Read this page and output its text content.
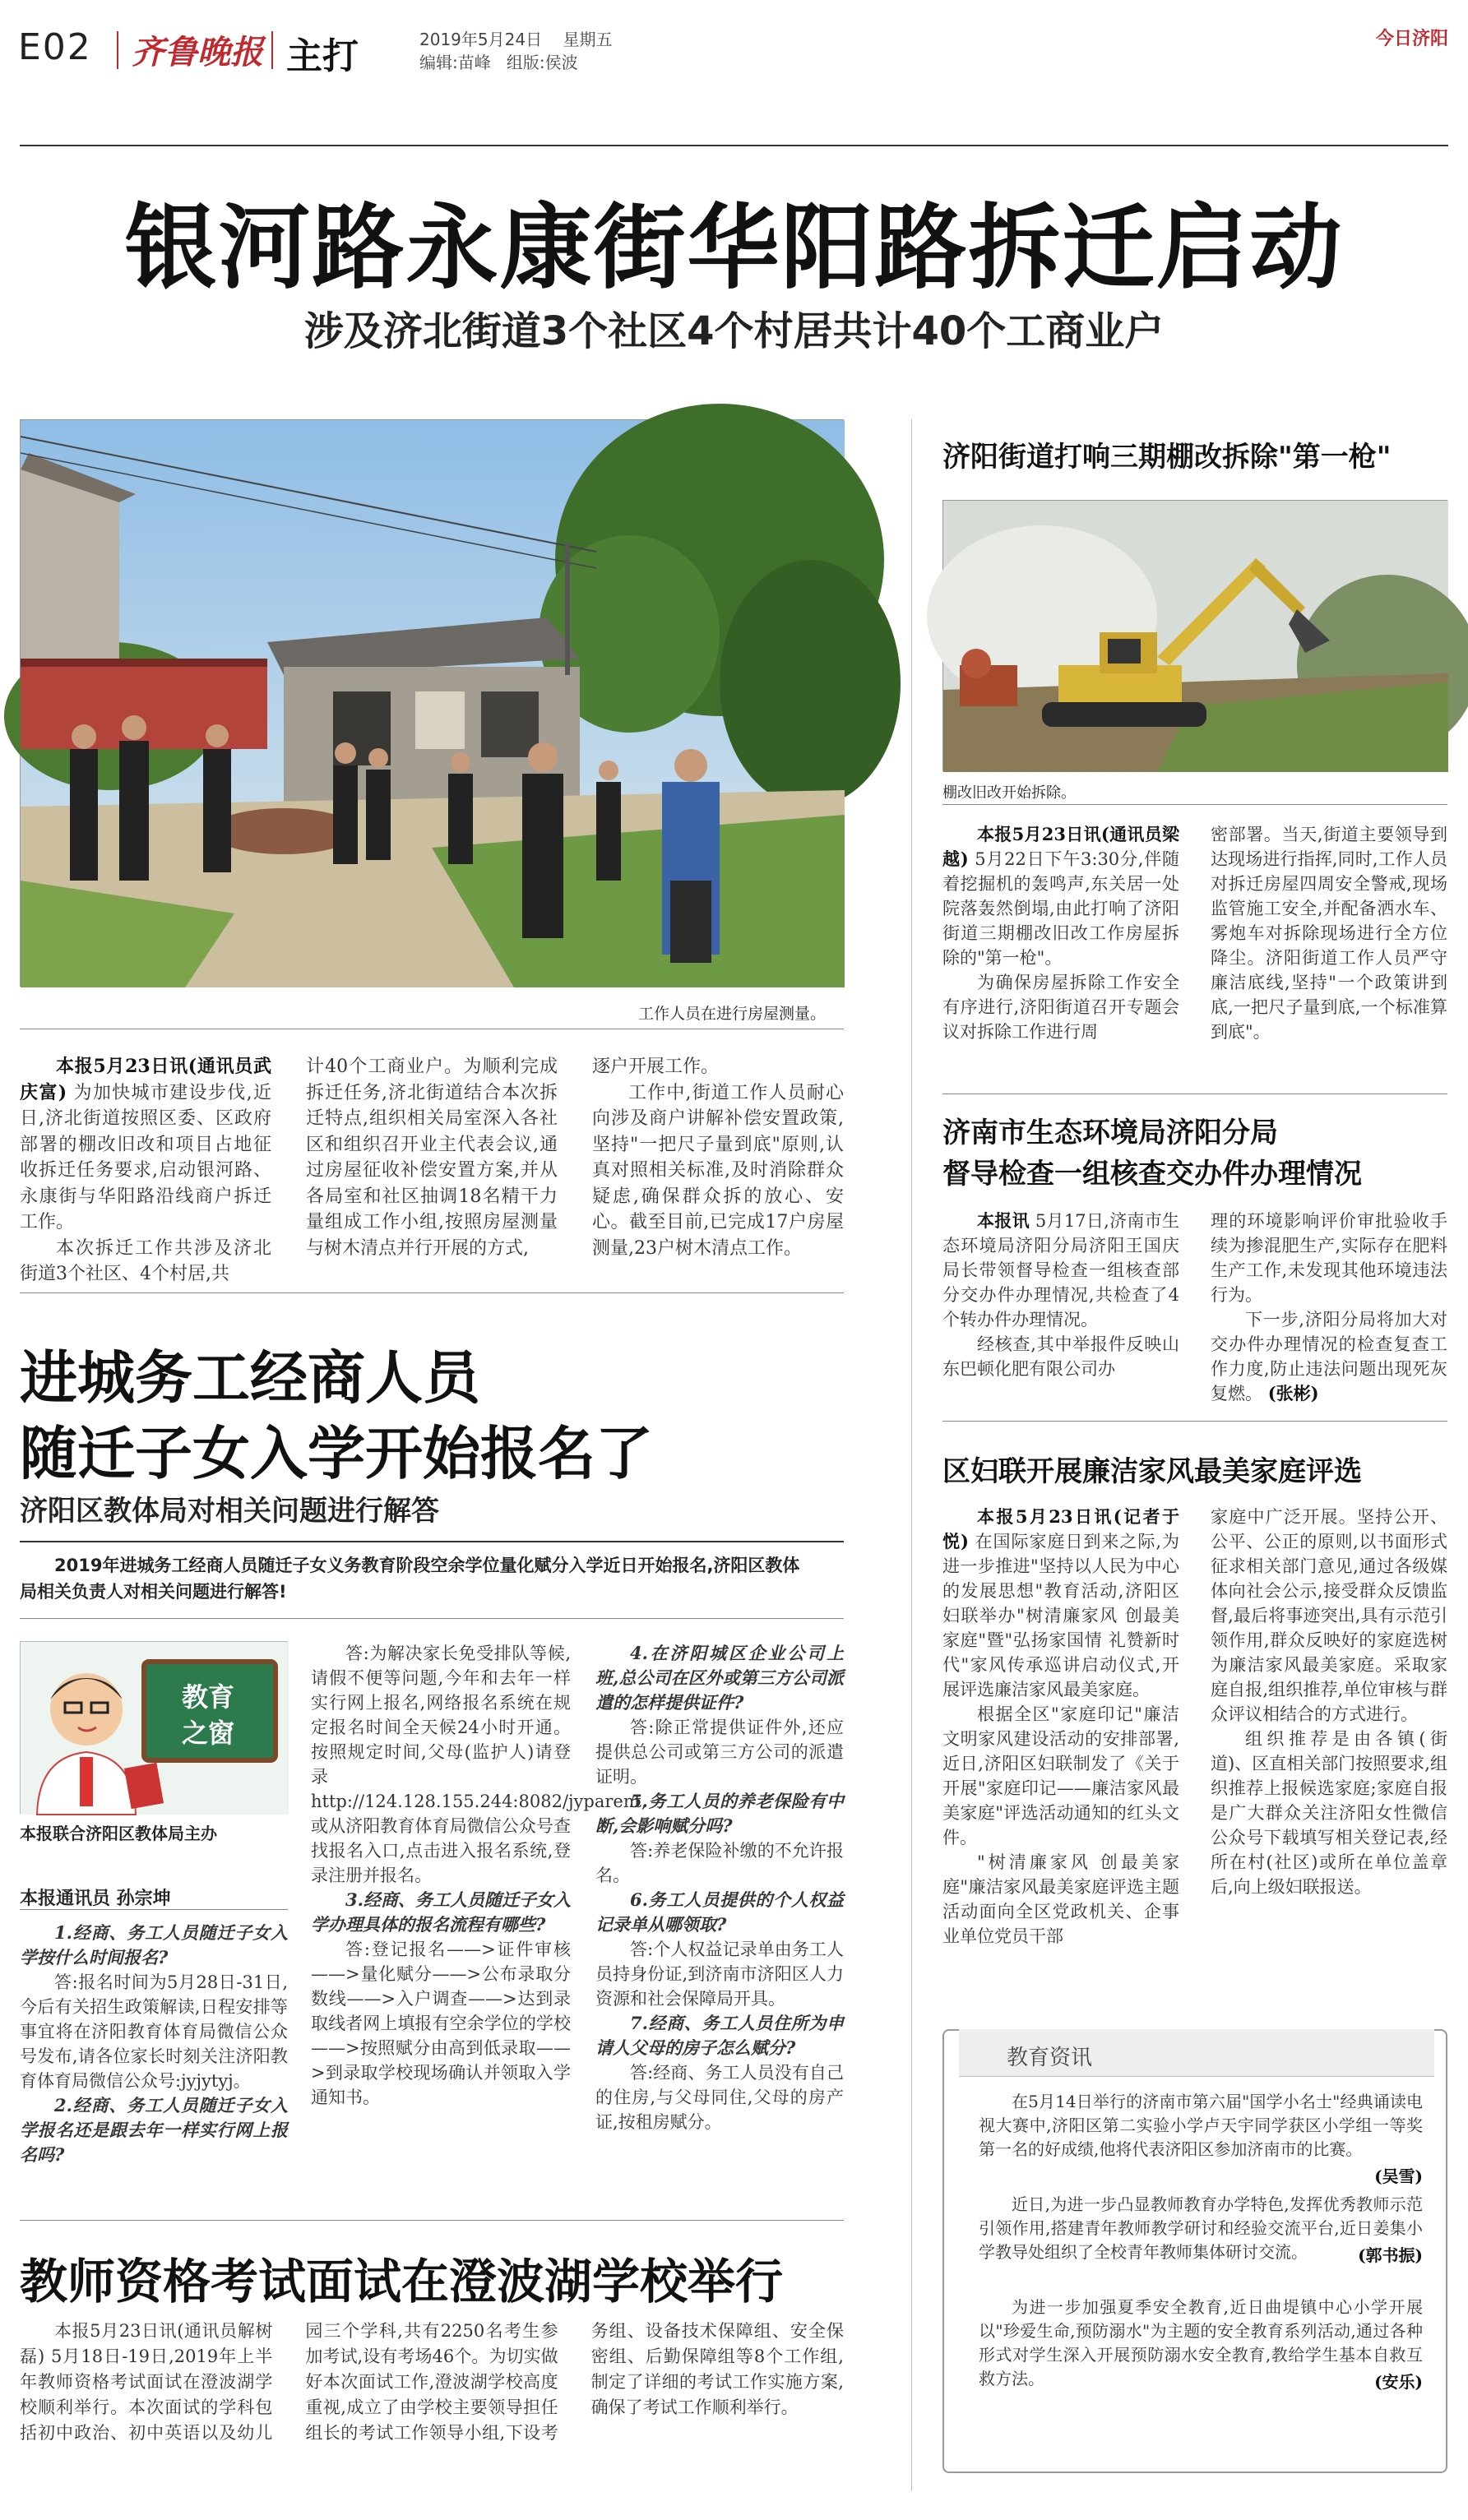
E02 齐鲁晚报 主打	2019年5月24日 星期五
编辑:苗峰 组版:侯波
今日济阳
银河路永康街华阳路拆迁启动
涉及济北街道3个社区4个村居共计40个工商业户
工作人员在进行房屋测量。

本报5月23日讯(通讯员武庆富) 为加快城市建设步伐,近日,济北街道按照区委、区政府部署的棚改旧改和项目占地征收拆迁任务要求,启动银河路、永康街与华阳路沿线商户拆迁工作。

本次拆迁工作共涉及济北街道3个社区、4个村居,共

计40个工商业户。为顺利完成拆迁任务,济北街道结合本次拆迁特点,组织相关局室深入各社区和组织召开业主代表会议,通过房屋征收补偿安置方案,并从各局室和社区抽调18名精干力量组成工作小组,按照房屋测量与树木清点并行开展的方式,
逐户开展工作。

工作中,街道工作人员耐心向涉及商户讲解补偿安置政策,坚持"一把尺子量到底"原则,认真对照相关标准,及时消除群众疑虑,确保群众拆的放心、安心。截至目前,已完成17户房屋测量,23户树木清点工作。

进城务工经商人员
随迁子女入学开始报名了
济阳区教体局对相关问题进行解答
2019年进城务工经商人员随迁子女义务教育阶段空余学位量化赋分入学近日开始报名,济阳区教体局相关负责人对相关问题进行解答!
教育
之窗
本报联合济阳区教体局主办
本报通讯员 孙宗坤
1.经商、务工人员随迁子女入学按什么时间报名?
答:报名时间为5月28日-31日,今后有关招生政策解读,日程安排等事宜将在济阳教育体育局微信公众号发布,请各位家长时刻关注济阳教育体育局微信公众号:jyjytyj。
2.经商、务工人员随迁子女入学报名还是跟去年一样实行网上报名吗?
答:为解决家长免受排队等候,请假不便等问题,今年和去年一样实行网上报名,网络报名系统在规定报名时间全天候24小时开通。按照规定时间,父母(监护人)请登录http://124.128.155.244:8082/jyparent,或从济阳教育体育局微信公众号查找报名入口,点击进入报名系统,登录注册并报名。
3.经商、务工人员随迁子女入学办理具体的报名流程有哪些?
答:登记报名——>证件审核——>量化赋分——>公布录取分数线——>入户调查——>达到录取线者网上填报有空余学位的学校——>按照赋分由高到低录取——>到录取学校现场确认并领取入学通知书。
4.在济阳城区企业公司上班,总公司在区外或第三方公司派遣的怎样提供证件?
答:除正常提供证件外,还应提供总公司或第三方公司的派遣证明。
5.务工人员的养老保险有中断,会影响赋分吗?
答:养老保险补缴的不允许报名。
6.务工人员提供的个人权益记录单从哪领取?
答:个人权益记录单由务工人员持身份证,到济南市济阳区人力资源和社会保障局开具。
7.经商、务工人员住所为申请人父母的房子怎么赋分?
答:经商、务工人员没有自己的住房,与父母同住,父母的房产证,按租房赋分。
教师资格考试面试在澄波湖学校举行

本报5月23日讯(通讯员解树磊) 5月18日-19日,2019年上半年教师资格考试面试在澄波湖学校顺利举行。本次面试的学科包括初中政治、初中英语以及幼儿园三个学科,共有2250名考生参加考试,设有考场46个。为切实做好本次面试工作,澄波湖学校高度重视,成立了由学校主要领导担任组长的考试工作领导小组,下设考务组、设备技术保障组、安全保密组、后勤保障组等8个工作组,制定了详细的考试工作实施方案,确保了考试工作顺利举行。

济阳街道打响三期棚改拆除"第一枪"
棚改旧改开始拆除。

本报5月23日讯(通讯员梁越) 5月22日下午3:30分,伴随着挖掘机的轰鸣声,东关居一处院落轰然倒塌,由此打响了济阳街道三期棚改旧改工作房屋拆除的"第一枪"。

为确保房屋拆除工作安全有序进行,济阳街道召开专题会议对拆除工作进行周

密部署。当天,街道主要领导到达现场进行指挥,同时,工作人员对拆迁房屋四周安全警戒,现场监管施工安全,并配备洒水车、雾炮车对拆除现场进行全方位降尘。济阳街道工作人员严守廉洁底线,坚持"一个政策讲到底,一把尺子量到底,一个标准算到底"。
济南市生态环境局济阳分局
督导检查一组核查交办件办理情况

本报讯 5月17日,济南市生态环境局济阳分局济阳王国庆局长带领督导检查一组核查部分交办件办理情况,共检查了4个转办件办理情况。

经核查,其中举报件反映山东巴顿化肥有限公司办

理的环境影响评价审批验收手续为掺混肥生产,实际存在肥料生产工作,未发现其他环境违法行为。

下一步,济阳分局将加大对交办件办理情况的检查复查工作力度,防止违法问题出现死灰复燃。 (张彬)

区妇联开展廉洁家风最美家庭评选

本报5月23日讯(记者于悦) 在国际家庭日到来之际,为进一步推进"坚持以人民为中心的发展思想"教育活动,济阳区妇联举办"树清廉家风 创最美家庭"暨"弘扬家国情 礼赞新时代"家风传承巡讲启动仪式,开展评选廉洁家风最美家庭。

根据全区"家庭印记"廉洁文明家风建设活动的安排部署,近日,济阳区妇联制发了《关于开展"家庭印记——廉洁家风最美家庭"评选活动通知的红头文件。

"树清廉家风 创最美家庭"廉洁家风最美家庭评选主题活动面向全区党政机关、企事业单位党员干部

家庭中广泛开展。坚持公开、公平、公正的原则,以书面形式征求相关部门意见,通过各级媒体向社会公示,接受群众反馈监督,最后将事迹突出,具有示范引领作用,群众反映好的家庭选树为廉洁家风最美家庭。采取家庭自报,组织推荐,单位审核与群众评议相结合的方式进行。

组织推荐是由各镇(街道)、区直相关部门按照要求,组织推荐上报候选家庭;家庭自报是广大群众关注济阳女性微信公众号下载填写相关登记表,经所在村(社区)或所在单位盖章后,向上级妇联报送。

教育资讯
在5月14日举行的济南市第六届"国学小名士"经典诵读电视大赛中,济阳区第二实验小学卢天宇同学获区小学组一等奖第一名的好成绩,他将代表济阳区参加济南市的比赛。
(吴雪)
近日,为进一步凸显教师教育办学特色,发挥优秀教师示范引领作用,搭建青年教师教学研讨和经验交流平台,近日姜集小学教导处组织了全校青年教师集体研讨交流。	(郭书振)
为进一步加强夏季安全教育,近日曲堤镇中心小学开展以"珍爱生命,预防溺水"为主题的安全教育系列活动,通过各种形式对学生深入开展预防溺水安全教育,教给学生基本自救互救方法。	(安乐)
